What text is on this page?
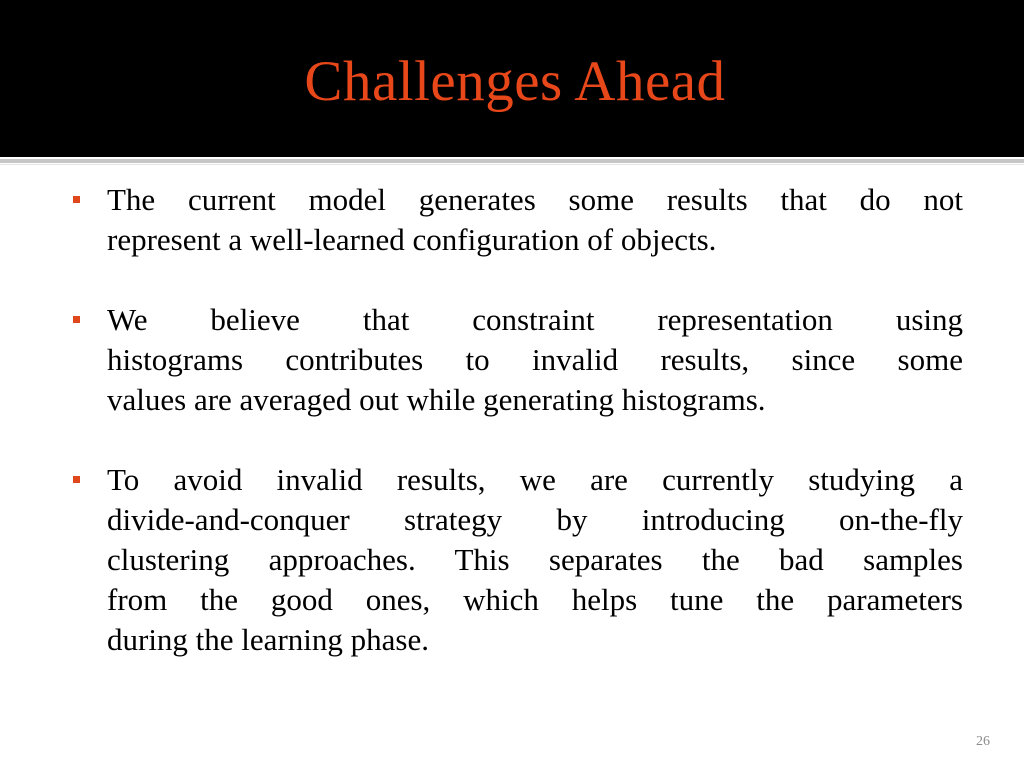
Challenges Ahead
The current model generates some results that do not
represent a well-learned configuration of objects.
We believe that constraint representation using
histograms contributes to invalid results, since some
values are averaged out while generating histograms.
To avoid invalid results, we are currently studying a
divide-and-conquer strategy by introducing on-the-fly
clustering approaches. This separates the bad samples
from the good ones, which helps tune the parameters
during the learning phase.
26
